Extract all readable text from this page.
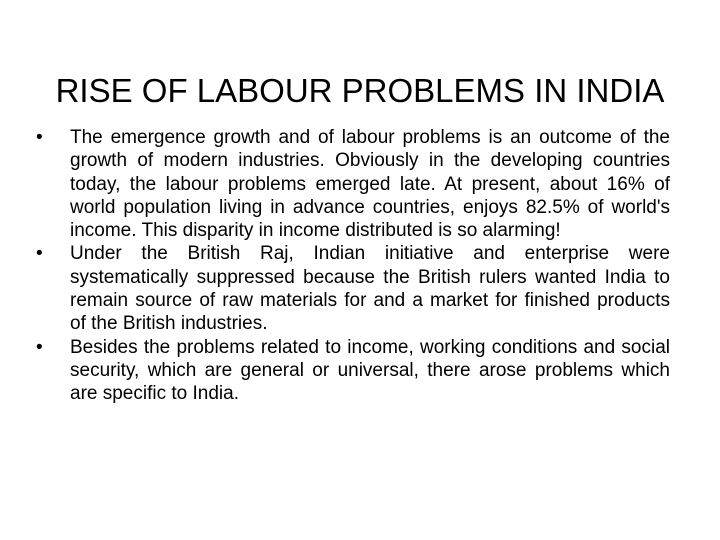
RISE OF LABOUR PROBLEMS IN INDIA
•	The emergence growth and of labour problems is an outcome of the growth of modern industries. Obviously in the developing countries today, the labour problems emerged late. At present, about 16% of world population living in advance countries, enjoys 82.5% of world's income. This disparity in income distributed is so alarming!
•	Under the British Raj, Indian initiative and enterprise were systematically suppressed because the British rulers wanted India to remain source of raw materials for and a market for finished products of the British industries.
•	Besides the problems related to income, working conditions and social security, which are general or universal, there arose problems which are specific to India.
